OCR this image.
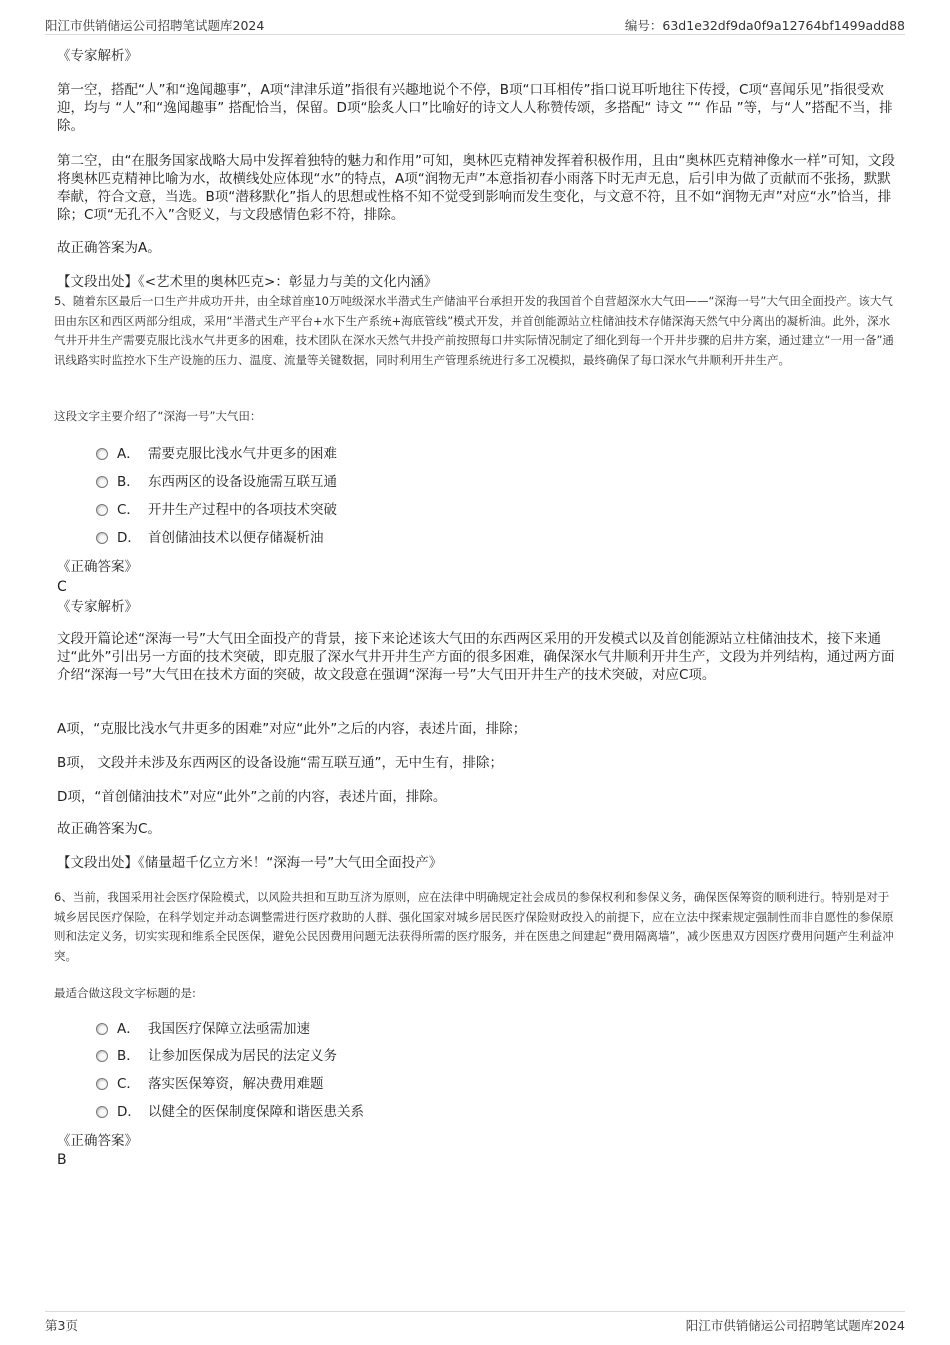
阳江市供销储运公司招聘笔试题库2024	编号：63d1e32df9da0f9a12764bf1499add88
《专家解析》

第一空，搭配“人”和“逸闻趣事”，A项“津津乐道”指很有兴趣地说个不停，B项“口耳相传”指口说耳听地往下传授，C项“喜闻乐见”指很受欢迎，均与 “人”和“逸闻趣事” 搭配恰当，保留。D项“脍炙人口”比喻好的诗文人人称赞传颂，多搭配“ 诗文 ”“ 作品 ”等，与“人”搭配不当，排除。

第二空，由“在服务国家战略大局中发挥着独特的魅力和作用”可知，奥林匹克精神发挥着积极作用，且由“奥林匹克精神像水一样”可知，文段将奥林匹克精神比喻为水，故横线处应体现“水”的特点，A项“润物无声”本意指初春小雨落下时无声无息，后引申为做了贡献而不张扬，默默奉献，符合文意，当选。B项“潜移默化”指人的思想或性格不知不觉受到影响而发生变化，与文意不符，且不如“润物无声”对应“水”恰当，排除；C项“无孔不入”含贬义，与文段感情色彩不符，排除。

故正确答案为A。

【文段出处】《<艺术里的奥林匹克>：彰显力与美的文化内涵》

5、随着东区最后一口生产井成功开井，由全球首座10万吨级深水半潜式生产储油平台承担开发的我国首个自营超深水大气田——“深海一号”大气田全面投产。该大气田由东区和西区两部分组成，采用“半潜式生产平台+水下生产系统+海底管线”模式开发，并首创能源站立柱储油技术存储深海天然气中分离出的凝析油。此外，深水气井开井生产需要克服比浅水气井更多的困难，技术团队在深水天然气井投产前按照每口井实际情况制定了细化到每一个开井步骤的启井方案，通过建立“一用一备”通讯线路实时监控水下生产设施的压力、温度、流量等关键数据，同时利用生产管理系统进行多工况模拟，最终确保了每口深水气井顺利开井生产。

这段文字主要介绍了“深海一号”大气田：

A． 需要克服比浅水气井更多的困难
B． 东西两区的设备设施需互联互通
C． 开井生产过程中的各项技术突破
D． 首创储油技术以便存储凝析油
《正确答案》
C
《专家解析》

文段开篇论述“深海一号”大气田全面投产的背景，接下来论述该大气田的东西两区采用的开发模式以及首创能源站立柱储油技术，接下来通过“此外”引出另一方面的技术突破，即克服了深水气井开井生产方面的很多困难，确保深水气井顺利开井生产，文段为并列结构，通过两方面介绍“深海一号”大气田在技术方面的突破，故文段意在强调“深海一号”大气田开井生产的技术突破，对应C项。

A项，“克服比浅水气井更多的困难”对应“此外”之后的内容，表述片面，排除；

B项， 文段并未涉及东西两区的设备设施“需互联互通”，无中生有，排除；

D项，“首创储油技术”对应“此外”之前的内容，表述片面，排除。

故正确答案为C。

【文段出处】《储量超千亿立方米！“深海一号”大气田全面投产》

6、当前，我国采用社会医疗保险模式，以风险共担和互助互济为原则，应在法律中明确规定社会成员的参保权利和参保义务，确保医保筹资的顺利进行。特别是对于城乡居民医疗保险，在科学划定并动态调整需进行医疗救助的人群、强化国家对城乡居民医疗保险财政投入的前提下，应在立法中探索规定强制性而非自愿性的参保原则和法定义务，切实实现和维系全民医保，避免公民因费用问题无法获得所需的医疗服务，并在医患之间建起“费用隔离墙”，减少医患双方因医疗费用问题产生利益冲突。

最适合做这段文字标题的是:

A． 我国医疗保障立法亟需加速
B． 让参加医保成为居民的法定义务
C． 落实医保筹资，解决费用难题
D． 以健全的医保制度保障和谐医患关系
《正确答案》
B
第3页	阳江市供销储运公司招聘笔试题库2024
